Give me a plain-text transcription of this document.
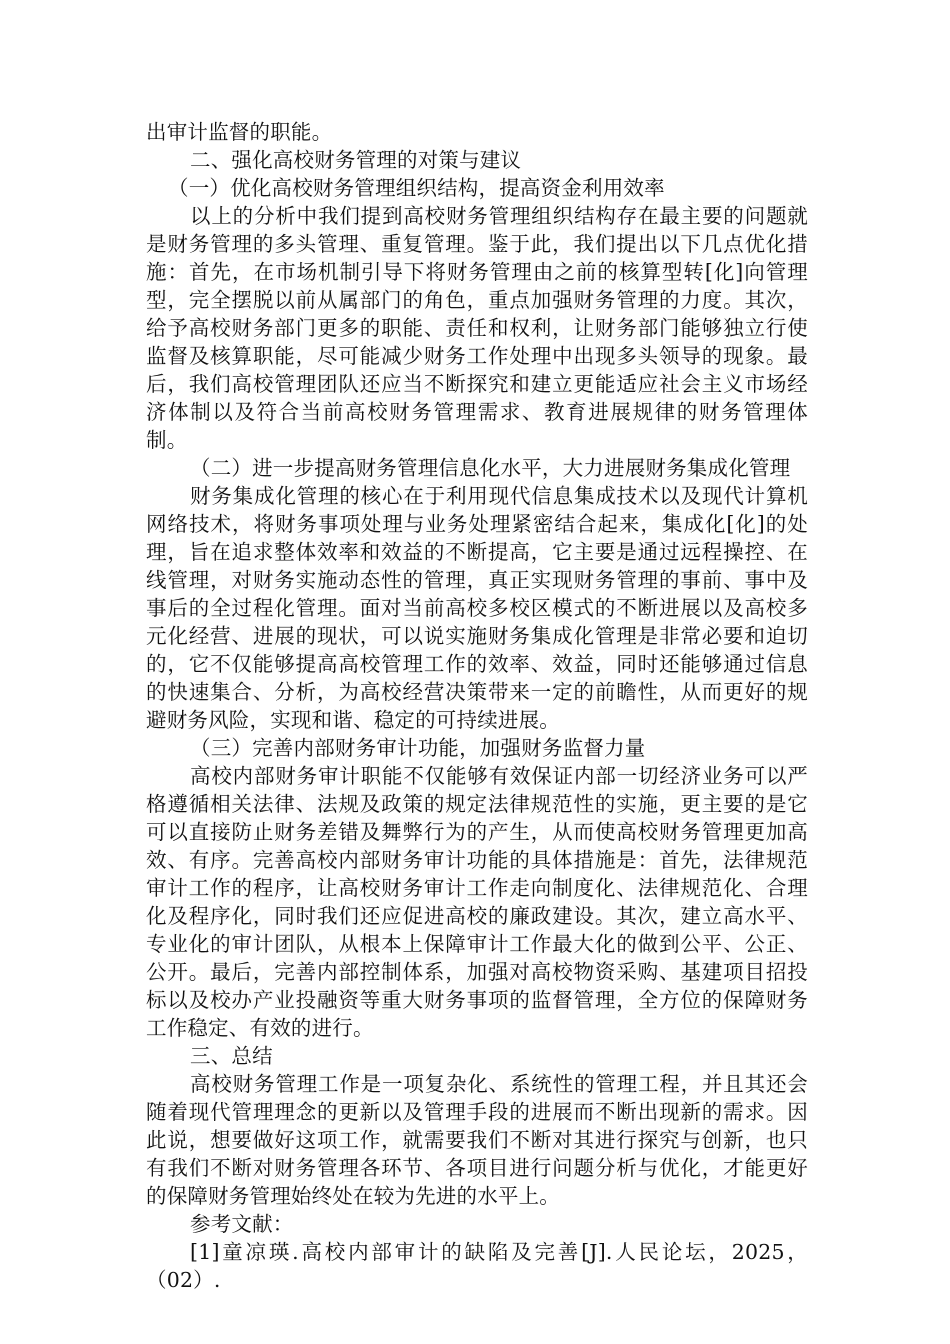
出审计监督的职能。

二、强化高校财务管理的对策与建议

（一）优化高校财务管理组织结构，提高资金利用效率

以上的分析中我们提到高校财务管理组织结构存在最主要的问题就是财务管理的多头管理、重复管理。鉴于此，我们提出以下几点优化措施：首先，在市场机制引导下将财务管理由之前的核算型转[化]向管理型，完全摆脱以前从属部门的角色，重点加强财务管理的力度。其次，给予高校财务部门更多的职能、责任和权利，让财务部门能够独立行使监督及核算职能，尽可能减少财务工作处理中出现多头领导的现象。最后，我们高校管理团队还应当不断探究和建立更能适应社会主义市场经济体制以及符合当前高校财务管理需求、教育进展规律的财务管理体制。

（二）进一步提高财务管理信息化水平，大力进展财务集成化管理

财务集成化管理的核心在于利用现代信息集成技术以及现代计算机网络技术，将财务事项处理与业务处理紧密结合起来，集成化[化]的处理，旨在追求整体效率和效益的不断提高，它主要是通过远程操控、在线管理，对财务实施动态性的管理，真正实现财务管理的事前、事中及事后的全过程化管理。面对当前高校多校区模式的不断进展以及高校多元化经营、进展的现状，可以说实施财务集成化管理是非常必要和迫切的，它不仅能够提高高校管理工作的效率、效益，同时还能够通过信息的快速集合、分析，为高校经营决策带来一定的前瞻性，从而更好的规避财务风险，实现和谐、稳定的可持续进展。

（三）完善内部财务审计功能，加强财务监督力量

高校内部财务审计职能不仅能够有效保证内部一切经济业务可以严格遵循相关法律、法规及政策的规定法律规范性的实施，更主要的是它可以直接防止财务差错及舞弊行为的产生，从而使高校财务管理更加高效、有序。完善高校内部财务审计功能的具体措施是：首先，法律规范审计工作的程序，让高校财务审计工作走向制度化、法律规范化、合理化及程序化，同时我们还应促进高校的廉政建设。其次，建立高水平、专业化的审计团队，从根本上保障审计工作最大化的做到公平、公正、公开。最后，完善内部控制体系，加强对高校物资采购、基建项目招投标以及校办产业投融资等重大财务事项的监督管理，全方位的保障财务工作稳定、有效的进行。

三、总结

高校财务管理工作是一项复杂化、系统性的管理工程，并且其还会随着现代管理理念的更新以及管理手段的进展而不断出现新的需求。因此说，想要做好这项工作，就需要我们不断对其进行探究与创新，也只有我们不断对财务管理各环节、各项目进行问题分析与优化，才能更好的保障财务管理始终处在较为先进的水平上。

参考文献：

[1]童凉瑛.高校内部审计的缺陷及完善[J].人民论坛，2025，（02）.
